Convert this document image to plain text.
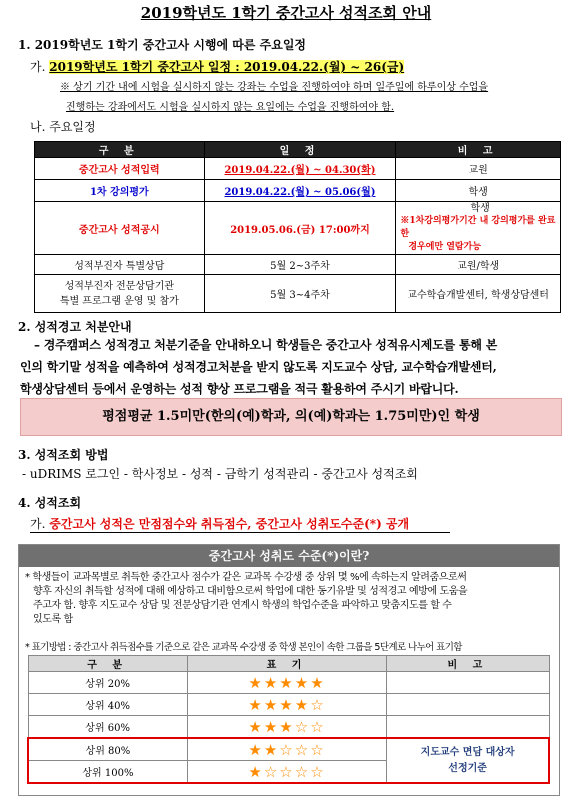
2019학년도 1학기 중간고사 성적조회 안내
1. 2019학년도 1학기 중간고사 시행에 따른 주요일정
가. 2019학년도 1학기 중간고사 일정 : 2019.04.22.(월) ~ 26(금)
※ 상기 기간 내에 시험을 실시하지 않는 강좌는 수업을 진행하여야 하며 일주일에 하루이상 수업을
진행하는 강좌에서도 시험을 실시하지 않는 요일에는 수업을 진행하여야 함.
나. 주요일정
구 분	일 정	비 고
중간고사 성적입력	2019.04.22.(월) ~ 04.30(화)	교원
1차 강의평가	2019.04.22.(월) ~ 05.06(월)	학생
중간고사 성적공시	2019.05.06.(금) 17:00까지	학생
※1차강의평가기간 내 강의평가를 완료한
경우에만 열람가능

성적부진자 특별상담	5월 2~3주차	교원/학생

성적부진자 전문상담기관
특별 프로그램 운영 및 참가	5월 3~4주차	교수학습개발센터, 학생상담센터
2. 성적경고 처분안내
– 경주캠퍼스 성적경고 처분기준을 안내하오니 학생들은 중간고사 성적유시제도를 통해 본
인의 학기말 성적을 예측하여 성적경고처분을 받지 않도록 지도교수 상담, 교수학습개발센터,
학생상담센터 등에서 운영하는 성적 향상 프로그램을 적극 활용하여 주시기 바랍니다.
평점평균 1.5미만(한의(예)학과, 의(예)학과는 1.75미만)인 학생
3. 성적조회 방법
- uDRIMS 로그인 - 학사정보 - 성적 - 금학기 성적관리 - 중간고사 성적조회
4. 성적조회
가. 중간고사 성적은 만점점수와 취득점수, 중간고사 성취도수준(*) 공개
중간고사 성취도 수준(*)이란?
* 학생들이 교과목별로 취득한 중간고사 점수가 같은 교과목 수강생 중 상위 몇 %에 속하는지 알려줌으로써
향후 자신의 취득할 성적에 대해 예상하고 대비함으로써 학업에 대한 동기유발 및 성적경고 예방에 도움을
주고자 함. 향후 지도교수 상담 및 전문상담기관 연계시 학생의 학업수준을 파악하고 맞춤지도를 할 수
있도록 함
* 표기방법 : 중간고사 취득점수를 기준으로 같은 교과목 수강생 중 학생 본인이 속한 그룹을 5단계로 나누어 표기함
구 분	표 기	비 고
상위 20%	★★★★★	
상위 40%	★★★★☆	
상위 60%	★★★☆☆	
상위 80%	★★☆☆☆	지도교수 면담 대상자
선정기준

상위 100%	★☆☆☆☆	
